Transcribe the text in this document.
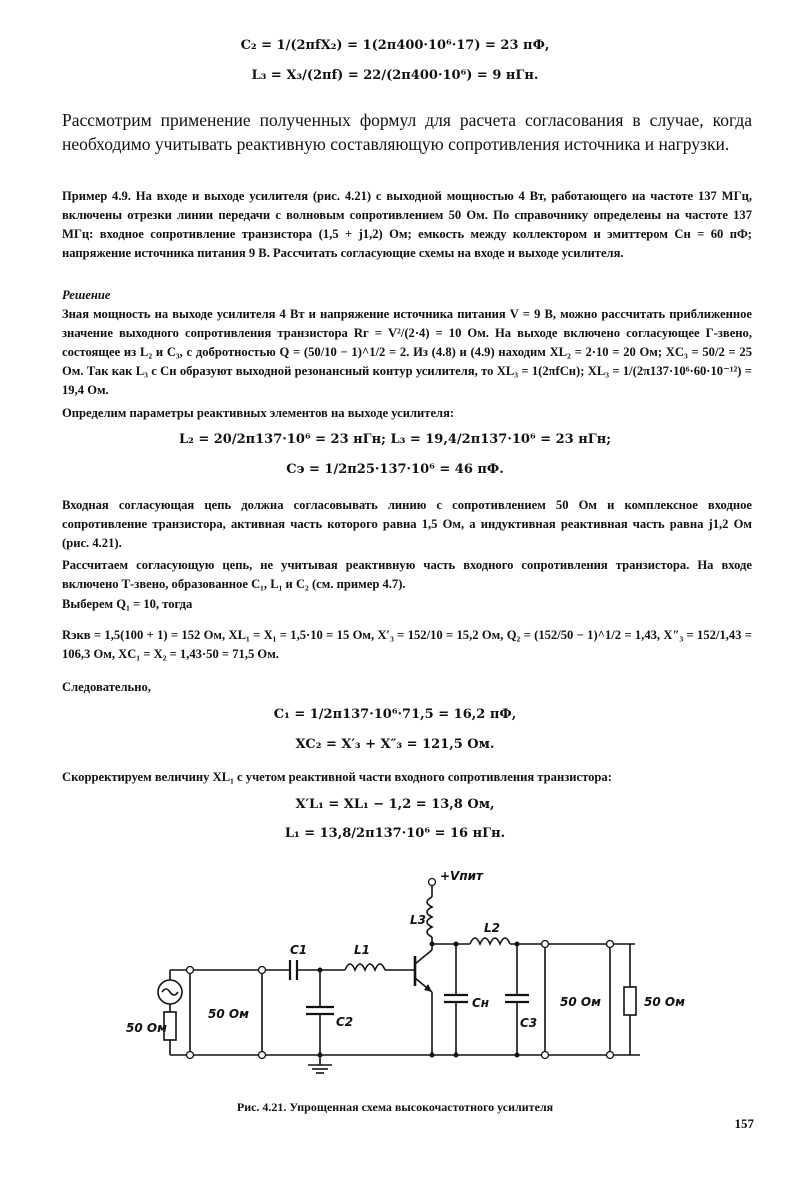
C₂ = 1/(2πfX₂) = 1(2π400·10⁶·17) = 23 пФ,
L₃ = X₃/(2πf) = 22/(2π400·10⁶) = 9 нГн.
Рассмотрим применение полученных формул для расчета согласования в случае, когда необходимо учитывать реактивную составляющую сопротивления источника и нагрузки.
Пример 4.9. На входе и выходе усилителя (рис. 4.21) с выходной мощностью 4 Вт, работающего на частоте 137 МГц, включены отрезки линии передачи с волновым сопротивлением 50 Ом. По справочнику определены на частоте 137 МГц: входное сопротивление транзистора (1,5 + j1,2) Ом; емкость между коллектором и эмиттером Cн = 60 пФ; напряжение источника питания 9 В. Рассчитать согласующие схемы на входе и выходе усилителя.
Решение
Зная мощность на выходе усилителя 4 Вт и напряжение источника питания V = 9 В, можно рассчитать приближенное значение выходного сопротивления транзистора Rг = V²/(2·4) = 10 Ом. На выходе включено согласующее Г-звено, состоящее из L₂ и C₃, с добротностью Q = (50/10 − 1)^1/2 = 2. Из (4.8) и (4.9) находим XL₂ = 2·10 = 20 Ом; XC₃ = 50/2 = 25 Ом. Так как L₃ с Cн образуют выходной резонансный контур усилителя, то XL₃ = 1(2πfCн); XL₃ = 1/(2π137·10⁶·60·10⁻¹²) = 19,4 Ом.
Определим параметры реактивных элементов на выходе усилителя:
L₂ = 20/2π137·10⁶ = 23 нГн; L₃ = 19,4/2π137·10⁶ = 23 нГн;
Cэ = 1/2π25·137·10⁶ = 46 пФ.
Входная согласующая цепь должна согласовывать линию с сопротивлением 50 Ом и комплексное входное сопротивление транзистора, активная часть которого равна 1,5 Ом, а индуктивная реактивная часть равна j1,2 Ом (рис. 4.21).
Рассчитаем согласующую цепь, не учитывая реактивную часть входного сопротивления транзистора. На входе включено Т-звено, образованное C₁, L₁ и C₂ (см. пример 4.7).
Выберем Q₁ = 10, тогда
Rэкв = 1,5(100 + 1) = 152 Ом, XL₁ = X₁ = 1,5·10 = 15 Ом, X′₃ = 152/10 = 15,2 Ом, Q₂ = (152/50 − 1)^1/2 = 1,43, X″₃ = 152/1,43 = 106,3 Ом, XC₁ = X₂ = 1,43·50 = 71,5 Ом.
Следовательно,
C₁ = 1/2π137·10⁶·71,5 = 16,2 пФ,
XC₂ = X′₃ + X″₃ = 121,5 Ом.
Скорректируем величину XL₁ с учетом реактивной части входного сопротивления транзистора:
X′L₁ = XL₁ − 1,2 = 13,8 Ом,
L₁ = 13,8/2π137·10⁶ = 16 нГн.
+Vпит
L3
L2
C1	L1
C2
Cн
C3
50 Ом
50 Ом
50 Ом	50 Ом
Рис. 4.21. Упрощенная схема высокочастотного усилителя
157
